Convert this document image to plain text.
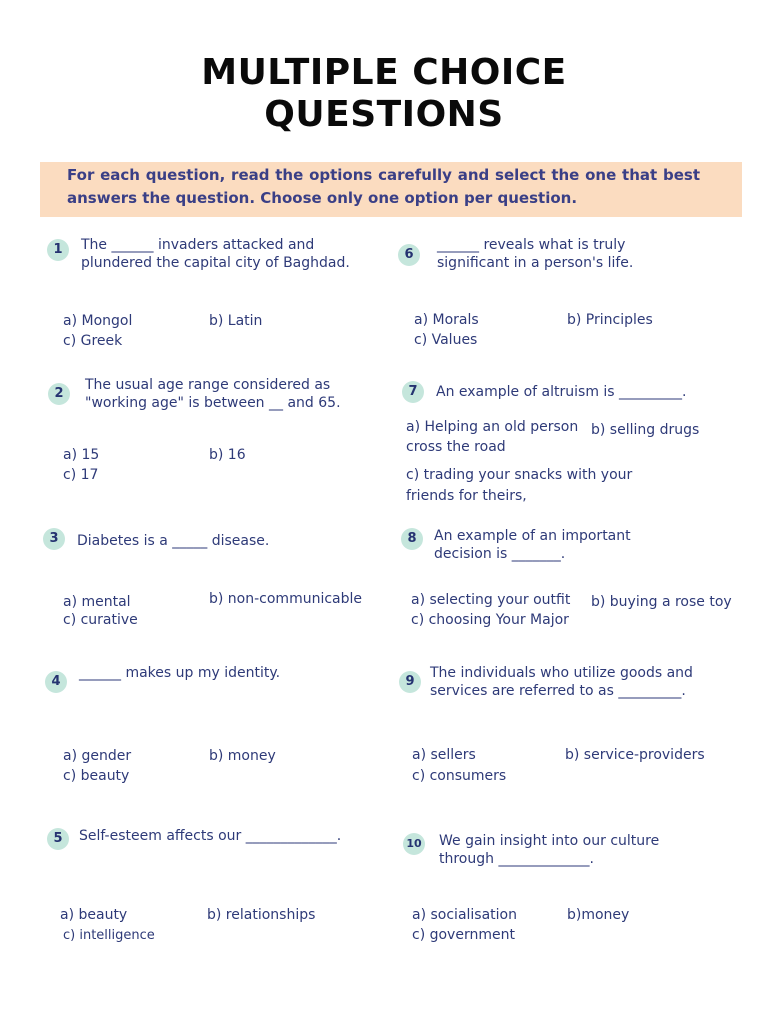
MULTIPLE CHOICE
QUESTIONS
For each question, read the options carefully and select the one that best answers the question. Choose only one option per question.
1	The ______ invaders attacked and plundered the capital city of Baghdad.
a) Mongol	b) Latin
c) Greek
2
The usual age range considered as "working age" is between __ and 65.
a) 15	b) 16
c) 17
3	Diabetes is a _____ disease.
a) mental	b) non-communicable
c) curative
4
______ makes up my identity.
a) gender	b) money
c) beauty
5	Self-esteem affects our _____________.
a) beauty	b) relationships
c) intelligence
6
______ reveals what is truly significant in a person's life.
a) Morals	b) Principles
c) Values
7	An example of altruism is _________.
a) Helping an old person cross the road
b) selling drugs
c) trading your snacks with your friends for theirs,
8	An example of an important decision is _______.
a) selecting your outfit b) buying a rose toy
c) choosing Your Major
9
The individuals who utilize goods and services are referred to as _________.
a) sellers	b) service-providers
c) consumers
10 We gain insight into our culture through _____________.
a) socialisation	b)money
c) government
